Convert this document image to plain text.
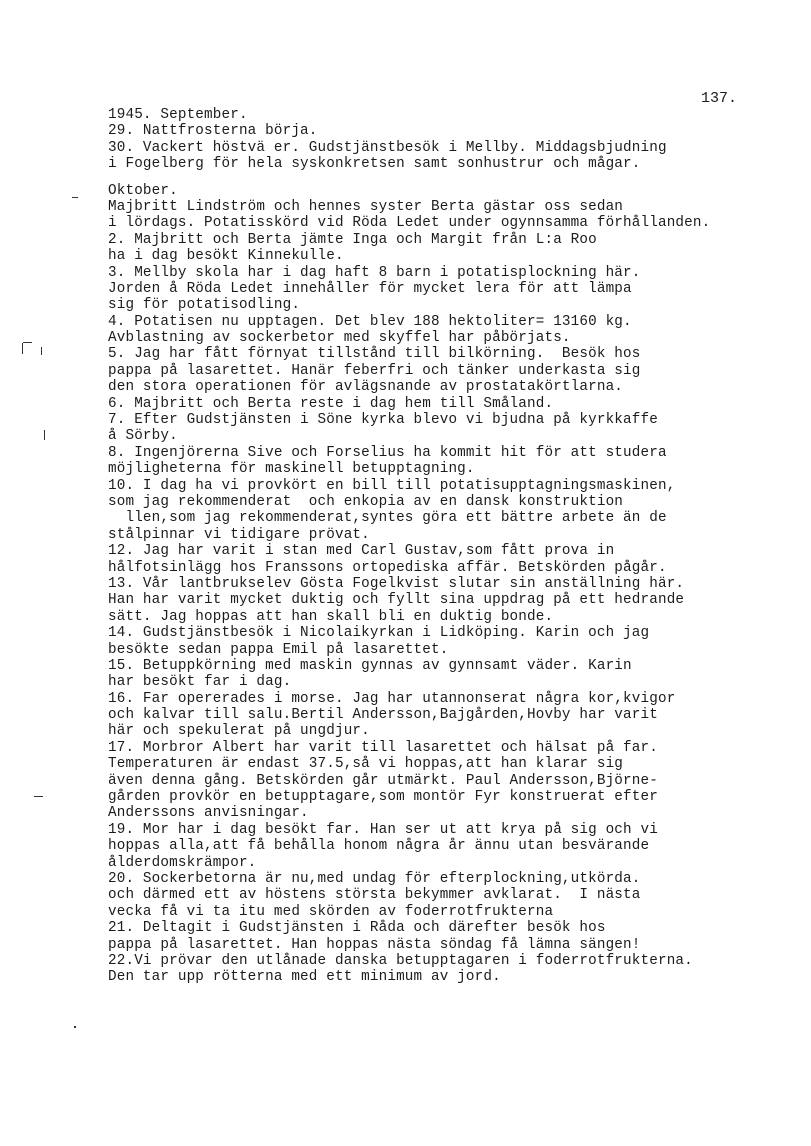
137.
1945. September.
29. Nattfrosterna börja.
30. Vackert höstvä er. Gudstjänstbesök i Mellby. Middagsbjudning
i Fogelberg för hela syskonkretsen samt sonhustrur och mågar.
Oktober.
Majbritt Lindström och hennes syster Berta gästar oss sedan
i lördags. Potatisskörd vid Röda Ledet under ogynnsamma förhållanden.
2. Majbritt och Berta jämte Inga och Margit från L:a Roo
ha i dag besökt Kinnekulle.
3. Mellby skola har i dag haft 8 barn i potatisplockning här.
Jorden å Röda Ledet innehåller för mycket lera för att lämpa
sig för potatisodling.
4. Potatisen nu upptagen. Det blev 188 hektoliter= 13160 kg.
Avblastning av sockerbetor med skyffel har påbörjats.
5. Jag har fått förnyat tillstånd till bilkörning.  Besök hos
pappa på lasarettet. Hanär feberfri och tänker underkasta sig
den stora operationen för avlägsnande av prostatakörtlarna.
6. Majbritt och Berta reste i dag hem till Småland.
7. Efter Gudstjänsten i Söne kyrka blevo vi bjudna på kyrkkaffe
å Sörby.
8. Ingenjörerna Sive och Forselius ha kommit hit för att studera
möjligheterna för maskinell betupptagning.
10. I dag ha vi provkört en bill till potatisupptagningsmaskinen,
som jag rekommenderat  och enkopia av en dansk konstruktion
llen,som jag rekommenderat,syntes göra ett bättre arbete än de
stålpinnar vi tidigare prövat.
12. Jag har varit i stan med Carl Gustav,som fått prova in
hålfotsinlägg hos Franssons ortopediska affär. Betskörden pågår.
13. Vår lantbrukselev Gösta Fogelkvist slutar sin anställning här.
Han har varit mycket duktig och fyllt sina uppdrag på ett hedrande
sätt. Jag hoppas att han skall bli en duktig bonde.
14. Gudstjänstbesök i Nicolaikyrkan i Lidköping. Karin och jag
besökte sedan pappa Emil på lasarettet.
15. Betuppkörning med maskin gynnas av gynnsamt väder. Karin
har besökt far i dag.
16. Far opererades i morse. Jag har utannonserat några kor,kvigor
och kalvar till salu.Bertil Andersson,Bajgården,Hovby har varit
här och spekulerat på ungdjur.
17. Morbror Albert har varit till lasarettet och hälsat på far.
Temperaturen är endast 37.5,så vi hoppas,att han klarar sig
även denna gång. Betskörden går utmärkt. Paul Andersson,Björne-
gården provkör en betupptagare,som montör Fyr konstruerat efter
Anderssons anvisningar.
19. Mor har i dag besökt far. Han ser ut att krya på sig och vi
hoppas alla,att få behålla honom några år ännu utan besvärande
ålderdomskrämpor.
20. Sockerbetorna är nu,med undag för efterplockning,utkörda.
och därmed ett av höstens största bekymmer avklarat.  I nästa
vecka få vi ta itu med skörden av foderrotfrukterna
21. Deltagit i Gudstjänsten i Råda och därefter besök hos
pappa på lasarettet. Han hoppas nästa söndag få lämna sängen!
22.Vi prövar den utlånade danska betupptagaren i foderrotfrukterna.
Den tar upp rötterna med ett minimum av jord.
